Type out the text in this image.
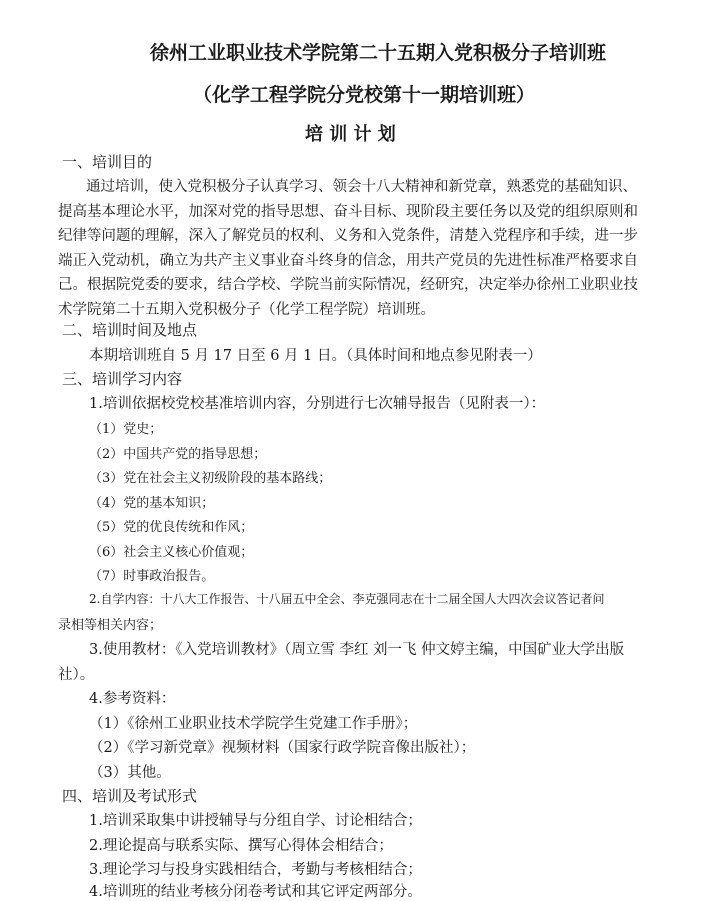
徐州工业职业技术学院第二十五期入党积极分子培训班
（化学工程学院分党校第十一期培训班）
培 训 计 划
一、培训目的
通过培训，使入党积极分子认真学习、领会十八大精神和新党章，熟悉党的基础知识、
提高基本理论水平，加深对党的指导思想、奋斗目标、现阶段主要任务以及党的组织原则和
纪律等问题的理解，深入了解党员的权利、义务和入党条件，清楚入党程序和手续，进一步
端正入党动机，确立为共产主义事业奋斗终身的信念，用共产党员的先进性标准严格要求自
己。根据院党委的要求，结合学校、学院当前实际情况，经研究，决定举办徐州工业职业技
术学院第二十五期入党积极分子（化学工程学院）培训班。
二、培训时间及地点
本期培训班自 5 月 17 日至 6 月 1 日。（具体时间和地点参见附表一）
三、培训学习内容
1.培训依据校党校基准培训内容，分别进行七次辅导报告（见附表一）：
（1）党史；
（2）中国共产党的指导思想；
（3）党在社会主义初级阶段的基本路线；
（4）党的基本知识；
（5）党的优良传统和作风；
（6）社会主义核心价值观；
（7）时事政治报告。
2.自学内容：十八大工作报告、十八届五中全会、李克强同志在十二届全国人大四次会议答记者问
录相等相关内容；
3.使用教材：《入党培训教材》（周立雪 李红 刘一飞 仲文婷主编，中国矿业大学出版
社）。
4.参考资料：
（1）《徐州工业职业技术学院学生党建工作手册》；
（2）《学习新党章》视频材料（国家行政学院音像出版社）；
（3）其他。
四、培训及考试形式
1.培训采取集中讲授辅导与分组自学、讨论相结合；
2.理论提高与联系实际、撰写心得体会相结合；
3.理论学习与投身实践相结合，考勤与考核相结合；
4.培训班的结业考核分闭卷考试和其它评定两部分。
